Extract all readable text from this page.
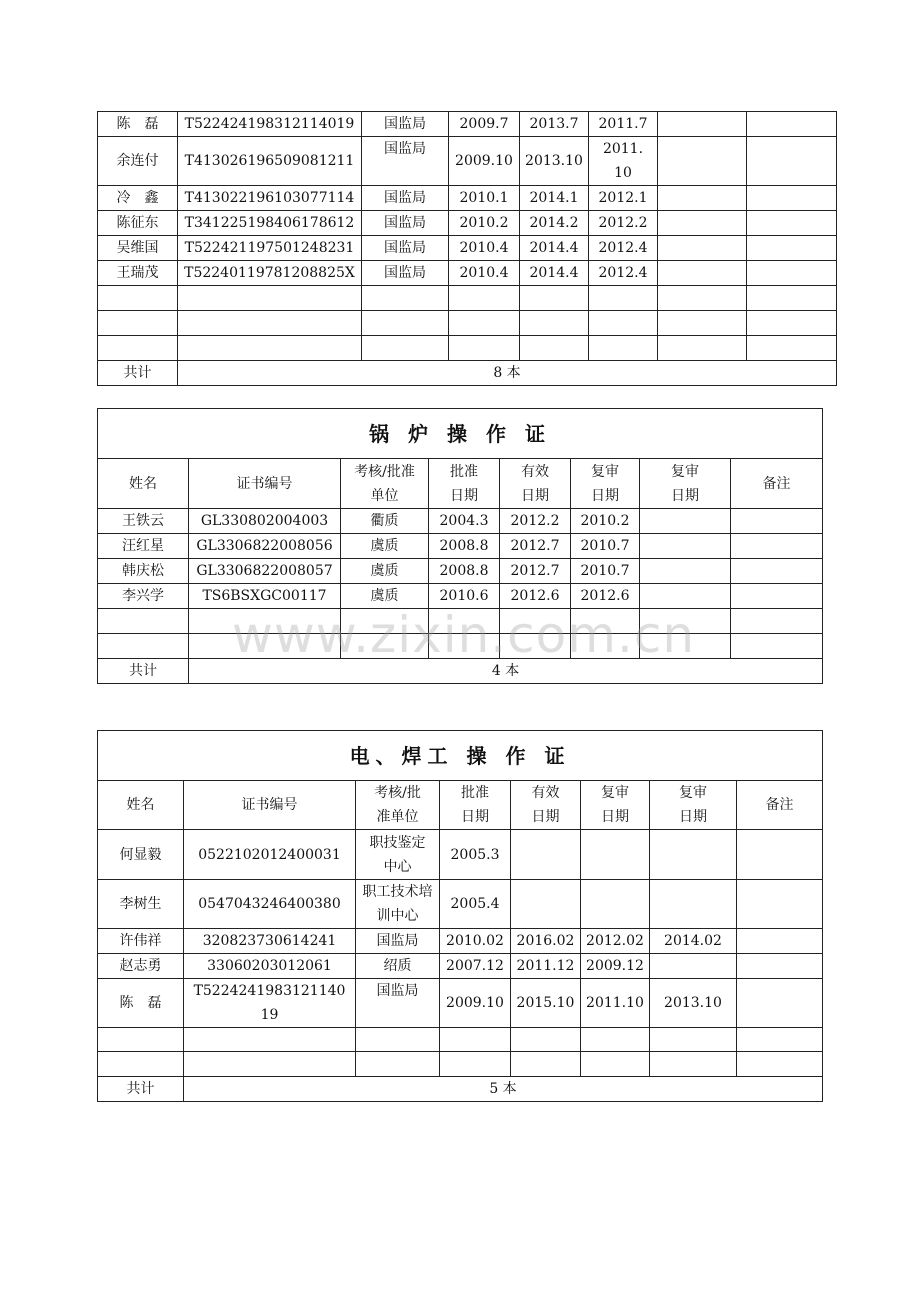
陈　磊	T522424198312114019	国监局	2009.7	2013.7	2011.7		
余连付	T413026196509081211	国监局	2009.10	2013.10	2011.10		
冷　鑫	T413022196103077114	国监局	2010.1	2014.1	2012.1		
陈征东	T341225198406178612	国监局	2010.2	2014.2	2012.2		
吴维国	T522421197501248231	国监局	2010.4	2014.4	2012.4		
王瑞茂	T52240119781208825X	国监局	2010.4	2014.4	2012.4		

共计	8 本						
锅 炉 操 作 证							
姓名	证书编号	考核/批准单位	批准日期	有效日期	复审日期	复审日期	备注
王铁云	GL330802004003	衢质	2004.3	2012.2	2010.2		
汪红星	GL3306822008056	虞质	2008.8	2012.7	2010.7		
韩庆松	GL3306822008057	虞质	2008.8	2012.7	2010.7		
李兴学	TS6BSXGC00117	虞质	2010.6	2012.6	2012.6		

共计	4 本						
电、焊工 操 作 证							
姓名	证书编号	考核/批准单位	批准日期	有效日期	复审日期	复审日期	备注
何显毅	0522102012400031	职技鉴定中心	2005.3				
李树生	0547043246400380	职工技术培训中心	2005.4				
许伟祥	320823730614241	国监局	2010.02	2016.02	2012.02	2014.02	
赵志勇	33060203012061	绍质	2007.12	2011.12	2009.12		
陈　磊	T522424198312114019	国监局	2009.10	2015.10	2011.10	2013.10	

共计	5 本						
www.zixin.com.cn
